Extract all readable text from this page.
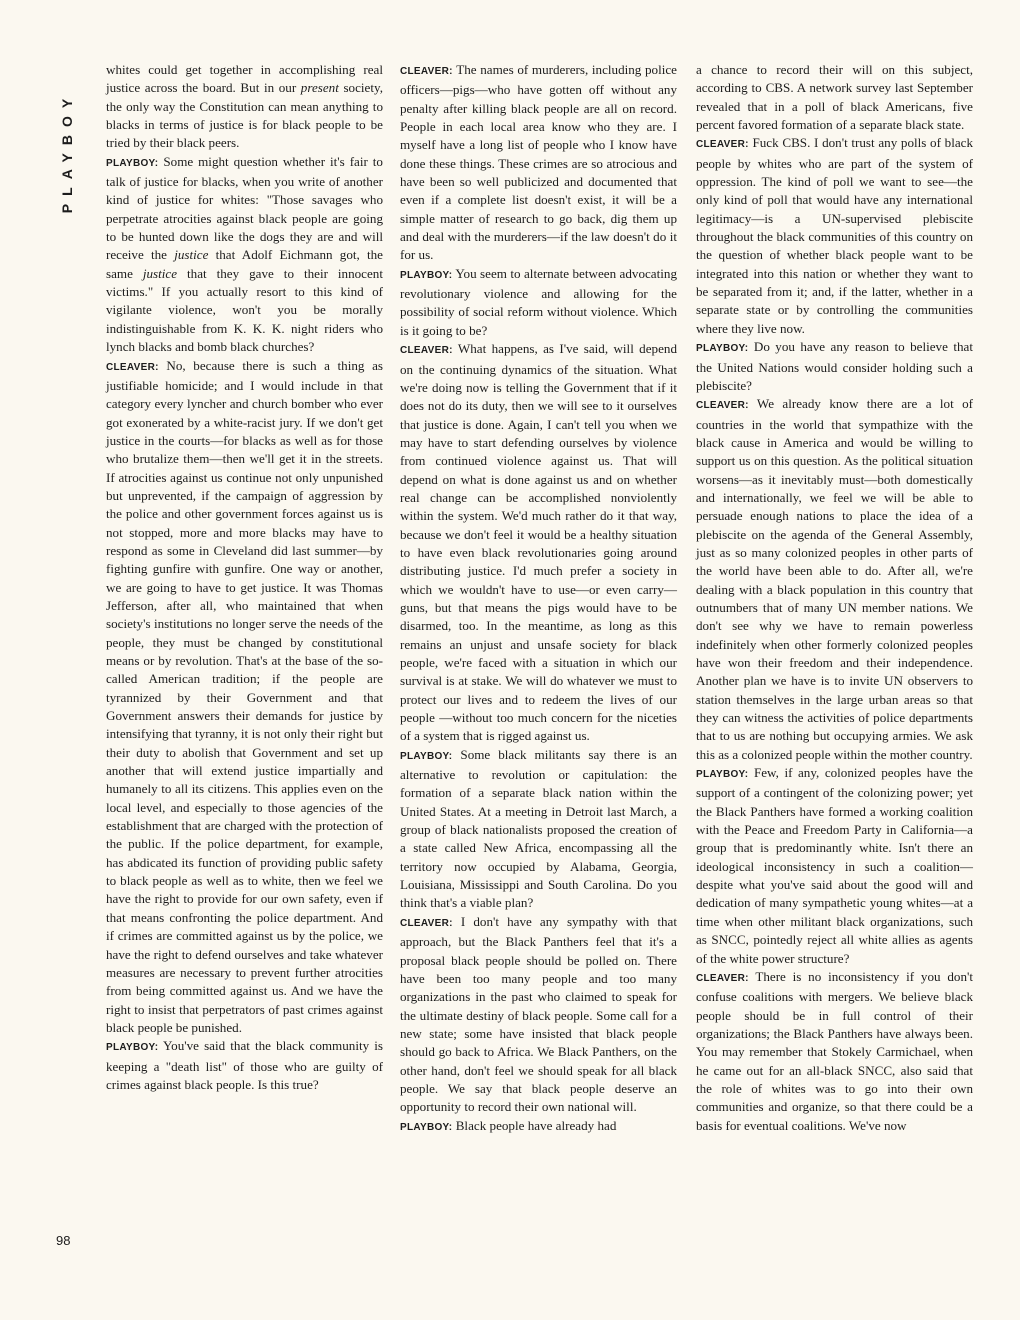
PLAYBOY
98

whites could get together in accomplishing real justice across the board. But in our present society, the only way the Constitution can mean anything to blacks in terms of justice is for black people to be tried by their black peers.

PLAYBOY: Some might question whether it's fair to talk of justice for blacks, when you write of another kind of justice for whites: "Those savages who perpetrate atrocities against black people are going to be hunted down like the dogs they are and will receive the justice that Adolf Eichmann got, the same justice that they gave to their innocent victims." If you actually resort to this kind of vigilante violence, won't you be morally indistinguishable from K. K. K. night riders who lynch blacks and bomb black churches?

CLEAVER: No, because there is such a thing as justifiable homicide; and I would include in that category every lyncher and church bomber who ever got exonerated by a white-racist jury. If we don't get justice in the courts—for blacks as well as for those who brutalize them—then we'll get it in the streets. If atrocities against us continue not only unpunished but unprevented, if the campaign of aggression by the police and other government forces against us is not stopped, more and more blacks may have to respond as some in Cleveland did last summer—by fighting gunfire with gunfire. One way or another, we are going to have to get justice. It was Thomas Jefferson, after all, who maintained that when society's institutions no longer serve the needs of the people, they must be changed by constitutional means or by revolution. That's at the base of the so-called American tradition; if the people are tyrannized by their Government and that Government answers their demands for justice by intensifying that tyranny, it is not only their right but their duty to abolish that Government and set up another that will extend justice impartially and humanely to all its citizens. This applies even on the local level, and especially to those agencies of the establishment that are charged with the protection of the public. If the police department, for example, has abdicated its function of providing public safety to black people as well as to white, then we feel we have the right to provide for our own safety, even if that means confronting the police department. And if crimes are committed against us by the police, we have the right to defend ourselves and take whatever measures are necessary to prevent further atrocities from being committed against us. And we have the right to insist that perpetrators of past crimes against black people be punished.

PLAYBOY: You've said that the black community is keeping a "death list" of those who are guilty of crimes against black people. Is this true?

CLEAVER: The names of murderers, including police officers—pigs—who have gotten off without any penalty after killing black people are all on record. People in each local area know who they are. I myself have a long list of people who I know have done these things. These crimes are so atrocious and have been so well publicized and documented that even if a complete list doesn't exist, it will be a simple matter of research to go back, dig them up and deal with the murderers—if the law doesn't do it for us.

PLAYBOY: You seem to alternate between advocating revolutionary violence and allowing for the possibility of social reform without violence. Which is it going to be?

CLEAVER: What happens, as I've said, will depend on the continuing dynamics of the situation. What we're doing now is telling the Government that if it does not do its duty, then we will see to it ourselves that justice is done. Again, I can't tell you when we may have to start defending ourselves by violence from continued violence against us. That will depend on what is done against us and on whether real change can be accomplished nonviolently within the system. We'd much rather do it that way, because we don't feel it would be a healthy situation to have even black revolutionaries going around distributing justice. I'd much prefer a society in which we wouldn't have to use—or even carry—guns, but that means the pigs would have to be disarmed, too. In the meantime, as long as this remains an unjust and unsafe society for black people, we're faced with a situation in which our survival is at stake. We will do whatever we must to protect our lives and to redeem the lives of our people —without too much concern for the niceties of a system that is rigged against us.

PLAYBOY: Some black militants say there is an alternative to revolution or capitulation: the formation of a separate black nation within the United States. At a meeting in Detroit last March, a group of black nationalists proposed the creation of a state called New Africa, encompassing all the territory now occupied by Alabama, Georgia, Louisiana, Mississippi and South Carolina. Do you think that's a viable plan?

CLEAVER: I don't have any sympathy with that approach, but the Black Panthers feel that it's a proposal black people should be polled on. There have been too many people and too many organizations in the past who claimed to speak for the ultimate destiny of black people. Some call for a new state; some have insisted that black people should go back to Africa. We Black Panthers, on the other hand, don't feel we should speak for all black people. We say that black people deserve an opportunity to record their own national will.

PLAYBOY: Black people have already had

a chance to record their will on this subject, according to CBS. A network survey last September revealed that in a poll of black Americans, five percent favored formation of a separate black state.

CLEAVER: Fuck CBS. I don't trust any polls of black people by whites who are part of the system of oppression. The kind of poll we want to see—the only kind of poll that would have any international legitimacy—is a UN-supervised plebiscite throughout the black communities of this country on the question of whether black people want to be integrated into this nation or whether they want to be separated from it; and, if the latter, whether in a separate state or by controlling the communities where they live now.

PLAYBOY: Do you have any reason to believe that the United Nations would consider holding such a plebiscite?

CLEAVER: We already know there are a lot of countries in the world that sympathize with the black cause in America and would be willing to support us on this question. As the political situation worsens—as it inevitably must—both domestically and internationally, we feel we will be able to persuade enough nations to place the idea of a plebiscite on the agenda of the General Assembly, just as so many colonized peoples in other parts of the world have been able to do. After all, we're dealing with a black population in this country that outnumbers that of many UN member nations. We don't see why we have to remain powerless indefinitely when other formerly colonized peoples have won their freedom and their independence. Another plan we have is to invite UN observers to station themselves in the large urban areas so that they can witness the activities of police departments that to us are nothing but occupying armies. We ask this as a colonized people within the mother country.

PLAYBOY: Few, if any, colonized peoples have the support of a contingent of the colonizing power; yet the Black Panthers have formed a working coalition with the Peace and Freedom Party in California—a group that is predominantly white. Isn't there an ideological inconsistency in such a coalition—despite what you've said about the good will and dedication of many sympathetic young whites—at a time when other militant black organizations, such as SNCC, pointedly reject all white allies as agents of the white power structure?

CLEAVER: There is no inconsistency if you don't confuse coalitions with mergers. We believe black people should be in full control of their organizations; the Black Panthers have always been. You may remember that Stokely Carmichael, when he came out for an all-black SNCC, also said that the role of whites was to go into their own communities and organize, so that there could be a basis for eventual coalitions. We've now
